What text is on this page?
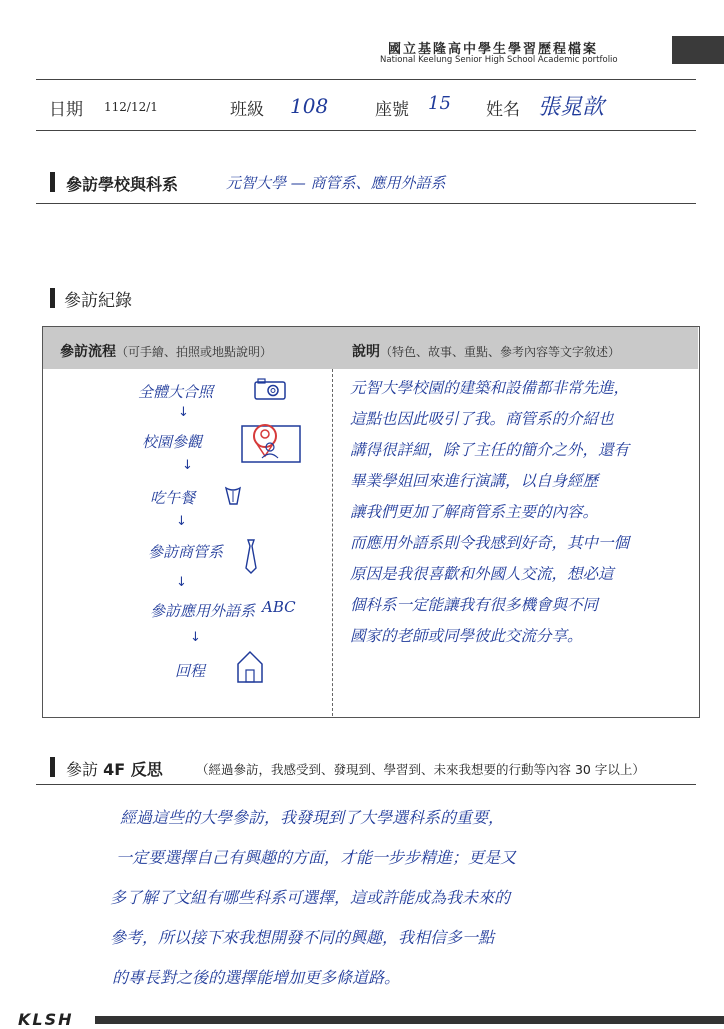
國立基隆高中學生學習歷程檔案
National Keelung Senior High School Academic portfolio
日期 112/12/1	班級 108	座號 15 姓名 張晁歆
參訪學校與科系	元智大學 — 商管系、應用外語系
參訪紀錄
參訪流程（可手繪、拍照或地點說明）	說明（特色、故事、重點、參考內容等文字敘述）
全體大合照
↓
校園參觀
↓
吃午餐
↓
參訪商管系
↓
參訪應用外語系 ABC
↓
回程
元智大學校園的建築和設備都非常先進，
這點也因此吸引了我。商管系的介紹也
講得很詳細，除了主任的簡介之外，還有
畢業學姐回來進行演講，以自身經歷
讓我們更加了解商管系主要的內容。
而應用外語系則令我感到好奇，其中一個
原因是我很喜歡和外國人交流，想必這
個科系一定能讓我有很多機會與不同
國家的老師或同學彼此交流分享。
參訪 4F 反思	（經過參訪，我感受到、發現到、學習到、未來我想要的行動等內容 30 字以上）
經過這些的大學參訪，我發現到了大學選科系的重要，
一定要選擇自己有興趣的方面，才能一步步精進；更是又
多了解了文組有哪些科系可選擇，這或許能成為我未來的
參考，所以接下來我想開發不同的興趣，我相信多一點
的專長對之後的選擇能增加更多條道路。
KLSH
